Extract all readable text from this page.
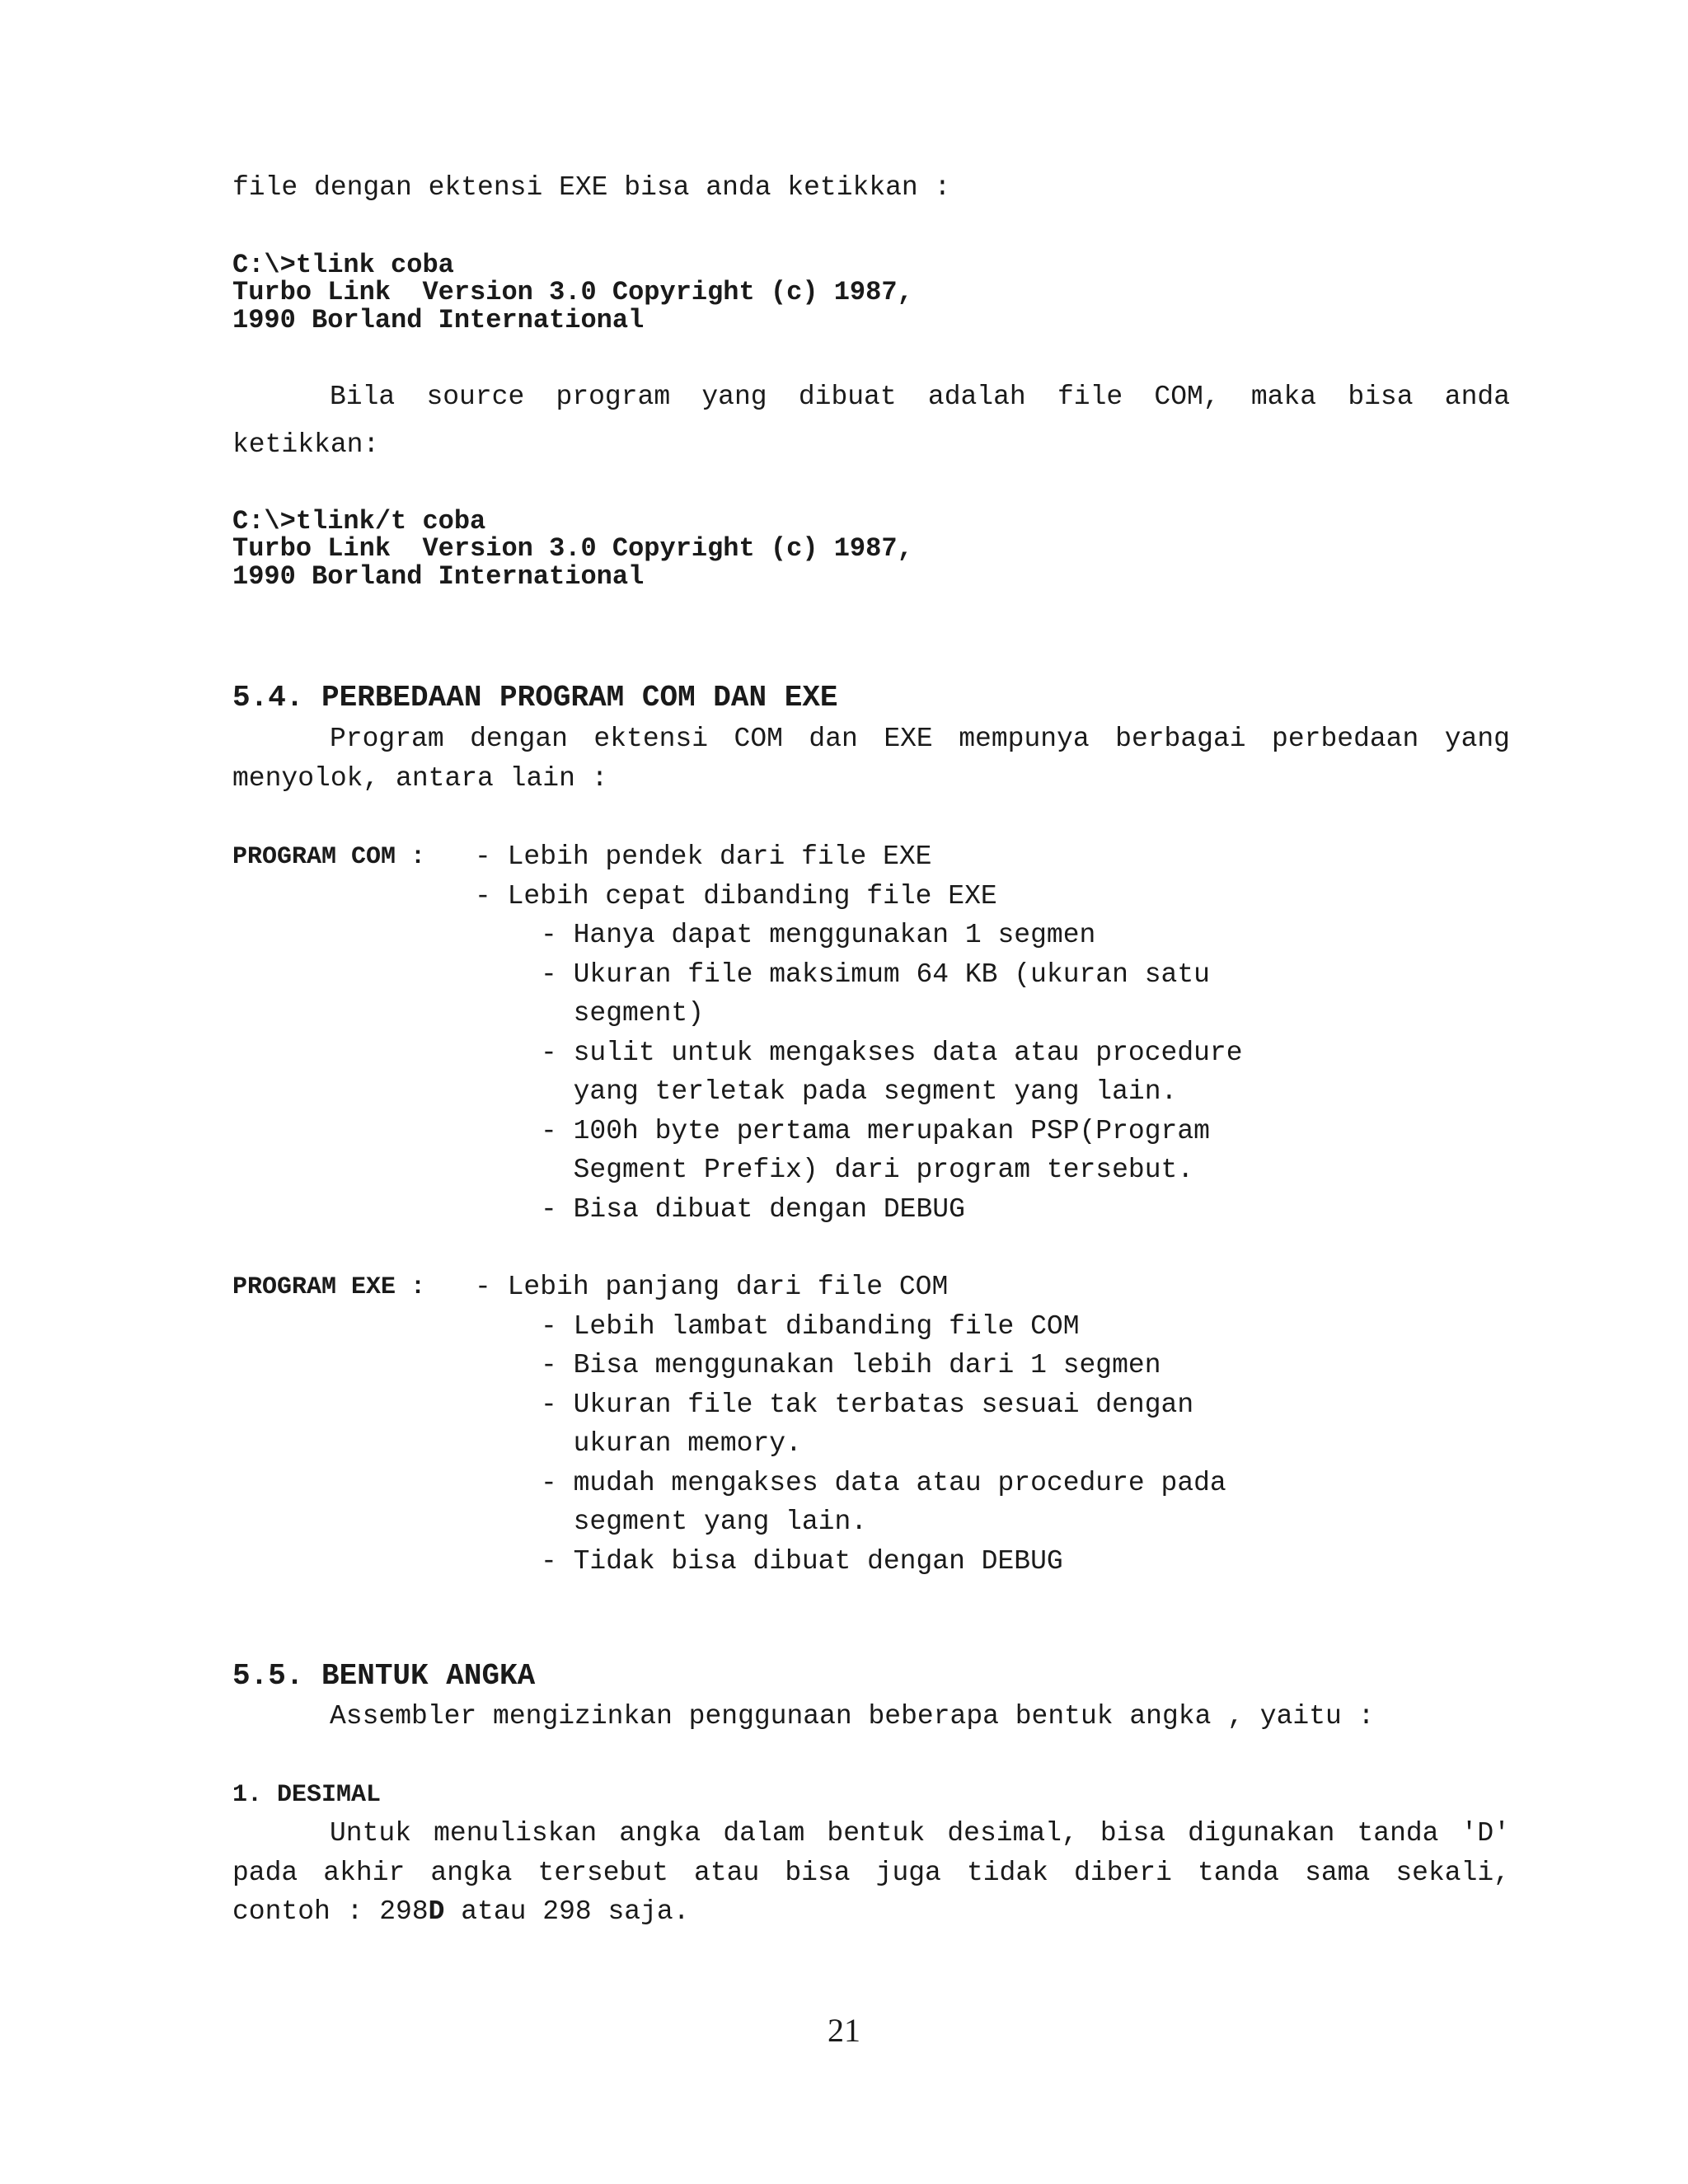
file dengan ektensi EXE bisa anda ketikkan :
C:\>tlink coba
Turbo Link  Version 3.0 Copyright (c) 1987,
1990 Borland International
Bila source program yang dibuat adalah file COM, maka bisa anda
ketikkan:
C:\>tlink/t coba
Turbo Link  Version 3.0 Copyright (c) 1987,
1990 Borland International
5.4. PERBEDAAN PROGRAM COM DAN EXE
Program dengan ektensi COM dan EXE mempunya berbagai perbedaan yang
menyolok, antara lain :
PROGRAM COM : - Lebih pendek dari file EXE
- Lebih cepat dibanding file EXE
- Hanya dapat menggunakan 1 segmen
- Ukuran file maksimum 64 KB (ukuran satu
segment)
- sulit untuk mengakses data atau procedure
yang terletak pada segment yang lain.
- 100h byte pertama merupakan PSP(Program
Segment Prefix) dari program tersebut.
- Bisa dibuat dengan DEBUG
PROGRAM EXE : - Lebih panjang dari file COM
- Lebih lambat dibanding file COM
- Bisa menggunakan lebih dari 1 segmen
- Ukuran file tak terbatas sesuai dengan
ukuran memory.
- mudah mengakses data atau procedure pada
segment yang lain.
- Tidak bisa dibuat dengan DEBUG
5.5. BENTUK ANGKA
Assembler mengizinkan penggunaan beberapa bentuk angka , yaitu :
1. DESIMAL
Untuk menuliskan angka dalam bentuk desimal, bisa digunakan tanda 'D'
pada akhir angka tersebut atau bisa juga tidak diberi tanda sama sekali,
contoh : 298D atau 298 saja.
21
